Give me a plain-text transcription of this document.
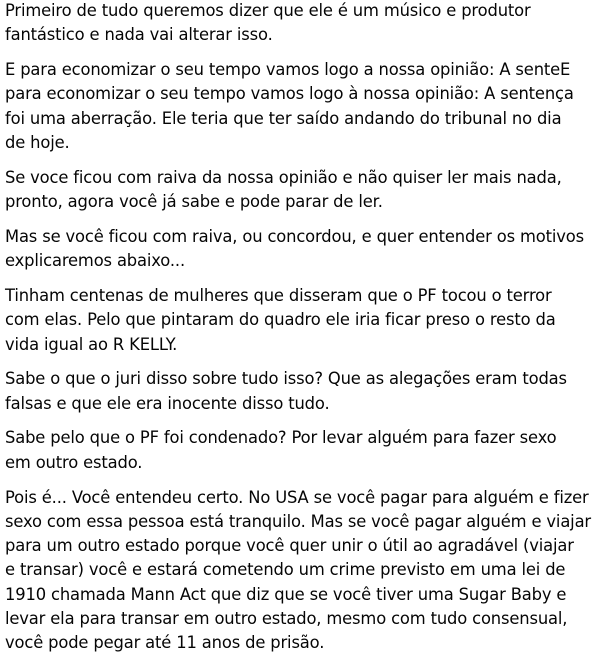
Primeiro de tudo queremos dizer que ele é um músico e produtor fantástico e nada vai alterar isso.
E para economizar o seu tempo vamos logo a nossa opinião: A senteE para economizar o seu tempo vamos logo à nossa opinião: A sentença foi uma aberração. Ele teria que ter saído andando do tribunal no dia de hoje.
Se voce ficou com raiva da nossa opinião e não quiser ler mais nada, pronto, agora você já sabe e pode parar de ler.
Mas se você ficou com raiva, ou concordou, e quer entender os motivos explicaremos abaixo...
Tinham centenas de mulheres que disseram que o PF tocou o terror com elas. Pelo que pintaram do quadro ele iria ficar preso o resto da vida igual ao R KELLY.
Sabe o que o juri disso sobre tudo isso? Que as alegações eram todas falsas e que ele era inocente disso tudo.
Sabe pelo que o PF foi condenado? Por levar alguém para fazer sexo em outro estado.
Pois é... Você entendeu certo. No USA se você pagar para alguém e fizer sexo com essa pessoa está tranquilo. Mas se você pagar alguém e viajar para um outro estado porque você quer unir o útil ao agradável (viajar e transar) você e estará cometendo um crime previsto em uma lei de 1910 chamada Mann Act que diz que se você tiver uma Sugar Baby e levar ela para transar em outro estado, mesmo com tudo consensual, você pode pegar até 11 anos de prisão.
